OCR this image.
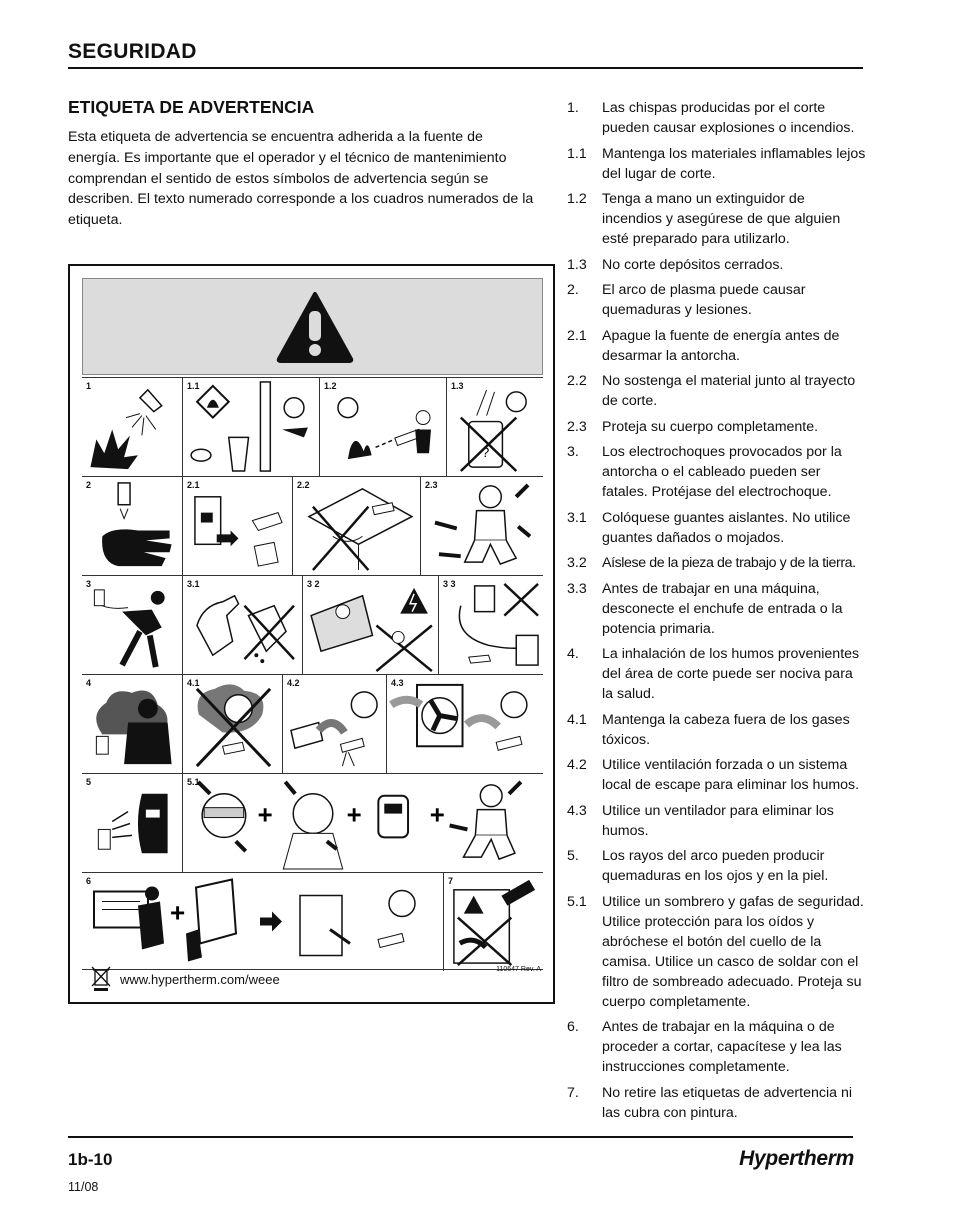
SEGURIDAD
ETIQUETA DE ADVERTENCIA

Esta etiqueta de advertencia se encuentra adherida a la fuente de energía. Es importante que el operador y el técnico de mantenimiento comprendan el sentido de estos símbolos de advertencia según se describen. El texto numerado corresponde a los cuadros numerados de la etiqueta.

1	1.1	1.2
?
1.3
2	2.1	2.2	2.3
3	3.1	3 2	3 3
4	4.1	4.2	4.3
5
+	+	+
5.1
+
6	7
110647 Rev. A
www.hypertherm.com/weee
1. Las chispas producidas por el corte pueden causar explosiones o incendios.
1.1 Mantenga los materiales inflamables lejos del lugar de corte.
1.2 Tenga a mano un extinguidor de incendios y asegúrese de que alguien esté preparado para utilizarlo.
1.3 No corte depósitos cerrados.
2. El arco de plasma puede causar quemaduras y lesiones.
2.1 Apague la fuente de energía antes de desarmar la antorcha.
2.2 No sostenga el material junto al trayecto de corte.
2.3 Proteja su cuerpo completamente.
3. Los electrochoques provocados por la antorcha o el cableado pueden ser fatales. Protéjase del electrochoque.
3.1 Colóquese guantes aislantes. No utilice guantes dañados o mojados.
3.2 Aíslese de la pieza de trabajo y de la tierra.
3.3 Antes de trabajar en una máquina, desconecte el enchufe de entrada o la potencia primaria.
4. La inhalación de los humos provenientes del área de corte puede ser nociva para la salud.
4.1 Mantenga la cabeza fuera de los gases tóxicos.
4.2 Utilice ventilación forzada o un sistema local de escape para eliminar los humos.
4.3 Utilice un ventilador para eliminar los humos.
5. Los rayos del arco pueden producir quemaduras en los ojos y en la piel.
5.1 Utilice un sombrero y gafas de seguridad. Utilice protección para los oídos y abróchese el botón del cuello de la camisa. Utilice un casco de soldar con el filtro de sombreado adecuado. Proteja su cuerpo completamente.
6. Antes de trabajar en la máquina o de proceder a cortar, capacítese y lea las instrucciones completamente.
7. No retire las etiquetas de advertencia ni las cubra con pintura.
1b-10
11/08
Hypertherm
